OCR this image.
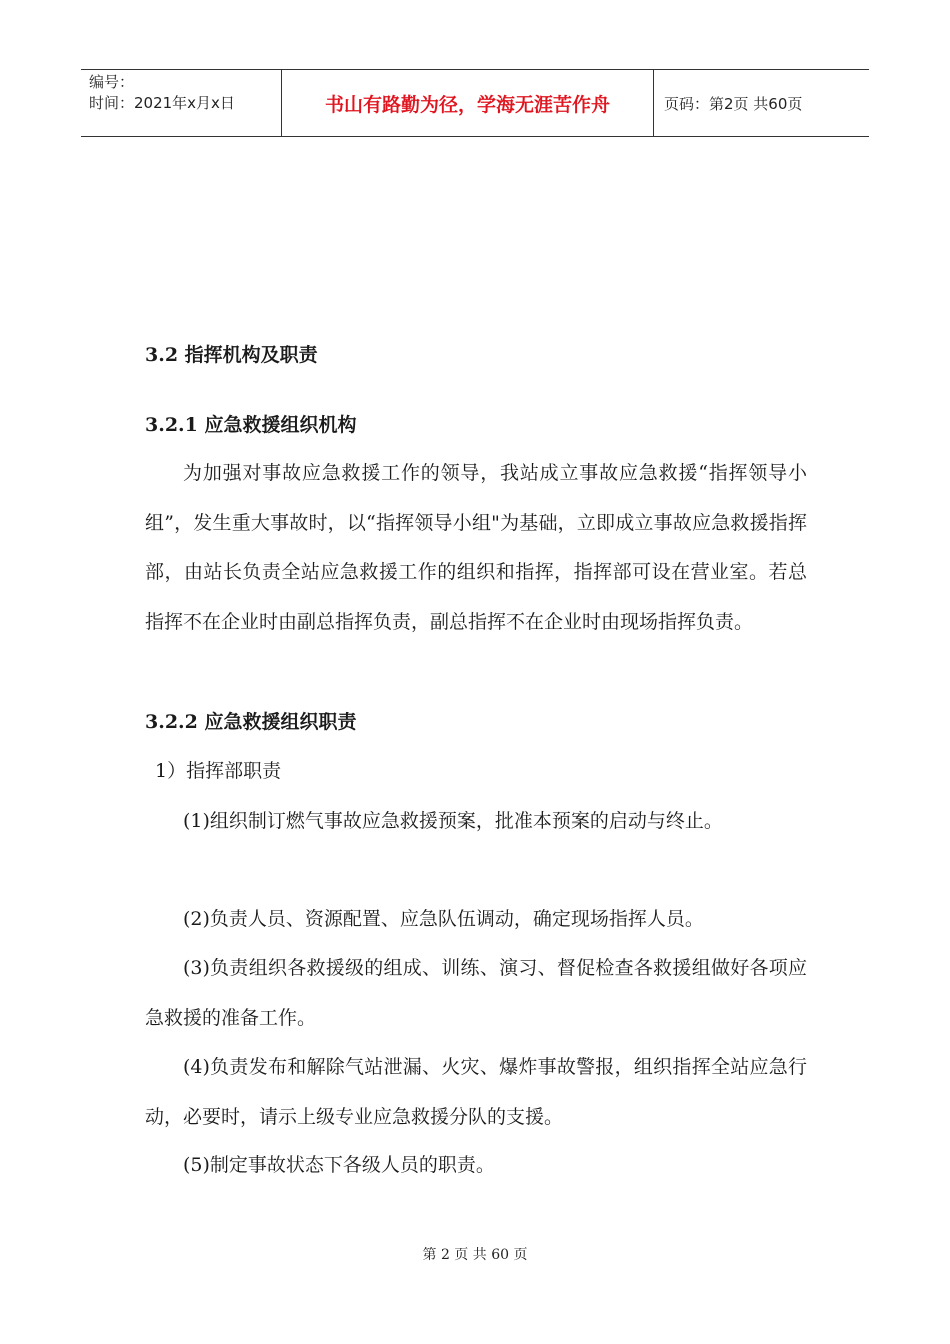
编号：
时间：2021年x月x日	书山有路勤为径，学海无涯苦作舟	页码：第2页 共60页
3.2 指挥机构及职责
3.2.1 应急救援组织机构
为加强对事故应急救援工作的领导，我站成立事故应急救援“指挥领导小组”，发生重大事故时，以“指挥领导小组"为基础，立即成立事故应急救援指挥部，由站长负责全站应急救援工作的组织和指挥，指挥部可设在营业室。若总指挥不在企业时由副总指挥负责，副总指挥不在企业时由现场指挥负责。
3.2.2 应急救援组织职责
1）指挥部职责
(1)组织制订燃气事故应急救援预案，批准本预案的启动与终止。
(2)负责人员、资源配置、应急队伍调动，确定现场指挥人员。
(3)负责组织各救援级的组成、训练、演习、督促检查各救援组做好各项应急救援的准备工作。
(4)负责发布和解除气站泄漏、火灾、爆炸事故警报，组织指挥全站应急行动，必要时，请示上级专业应急救援分队的支援。
(5)制定事故状态下各级人员的职责。
第 2 页 共 60 页
